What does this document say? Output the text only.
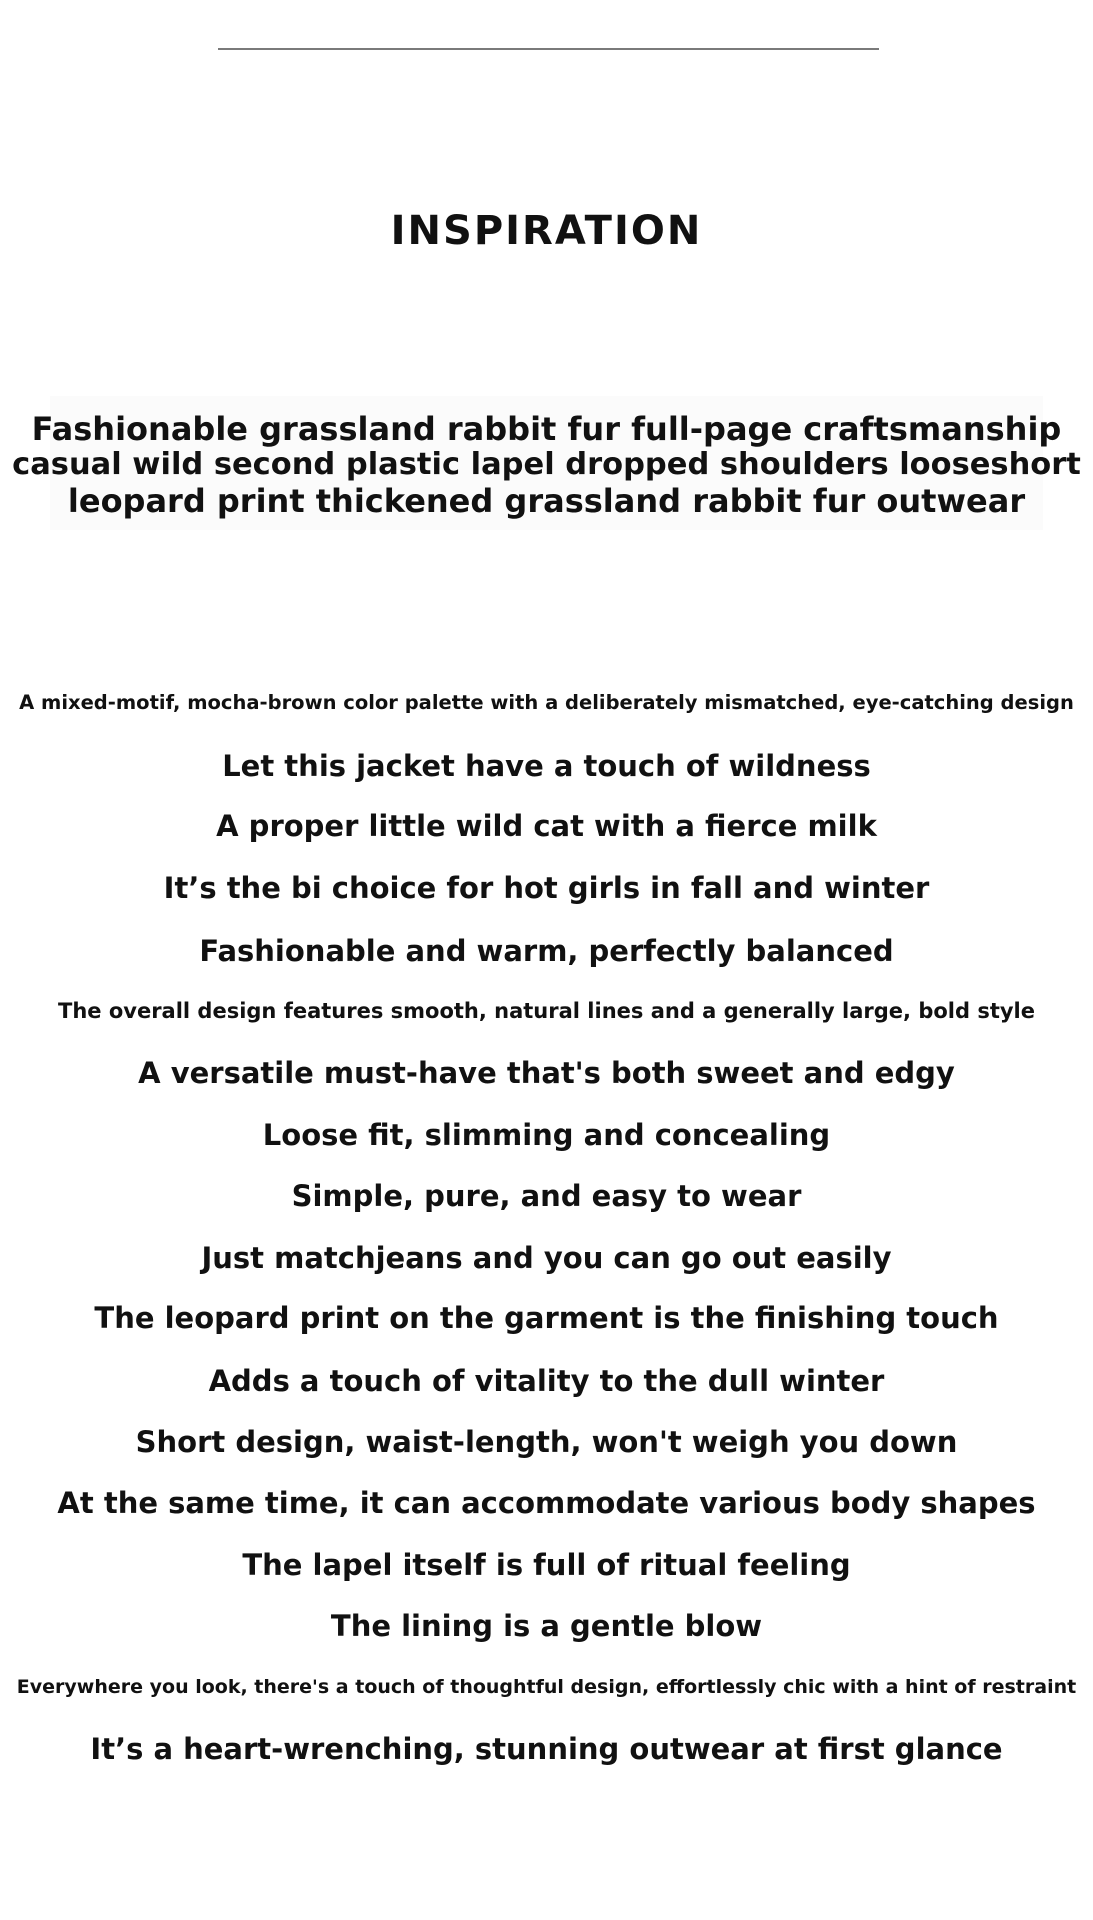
INSPIRATION
Fashionable grassland rabbit fur full-page craftsmanship
casual wild second plastic lapel dropped shoulders looseshort
leopard print thickened grassland rabbit fur outwear
A mixed-motif, mocha-brown color palette with a deliberately mismatched, eye-catching design
Let this jacket have a touch of wildness
A proper little wild cat with a fierce milk
It’s the bi choice for hot girls in fall and winter
Fashionable and warm, perfectly balanced
The overall design features smooth, natural lines and a generally large, bold style
A versatile must-have that's both sweet and edgy
Loose fit, slimming and concealing
Simple, pure, and easy to wear
Just matchjeans and you can go out easily
The leopard print on the garment is the finishing touch
Adds a touch of vitality to the dull winter
Short design, waist-length, won't weigh you down
At the same time, it can accommodate various body shapes
The lapel itself is full of ritual feeling
The lining is a gentle blow
Everywhere you look, there's a touch of thoughtful design, effortlessly chic with a hint of restraint
It’s a heart-wrenching, stunning outwear at first glance
